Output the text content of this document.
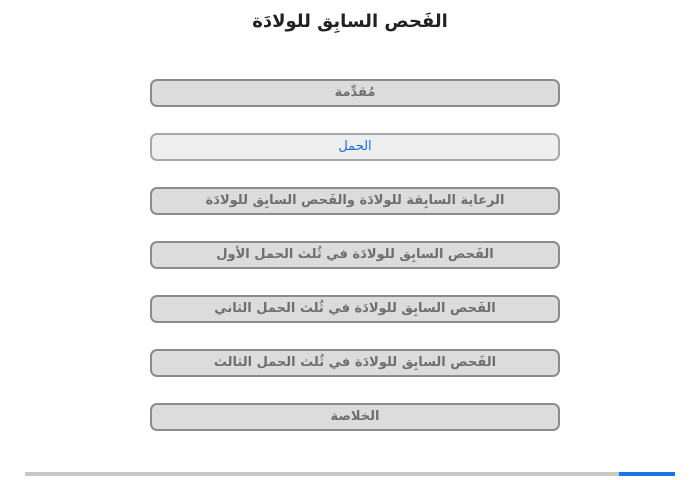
الفَحص السابِق للولادَة
مُقدِّمة
الحمل
الرعاية السابِقة للولادَة والفَحص السابِق للولادَة
الفَحص السابِق للولادَة في ثُلث الحمل الأول
الفَحص السابِق للولادَة في ثُلث الحمل الثاني
الفَحص السابِق للولادَة في ثُلث الحمل الثالث
الخلاصة
